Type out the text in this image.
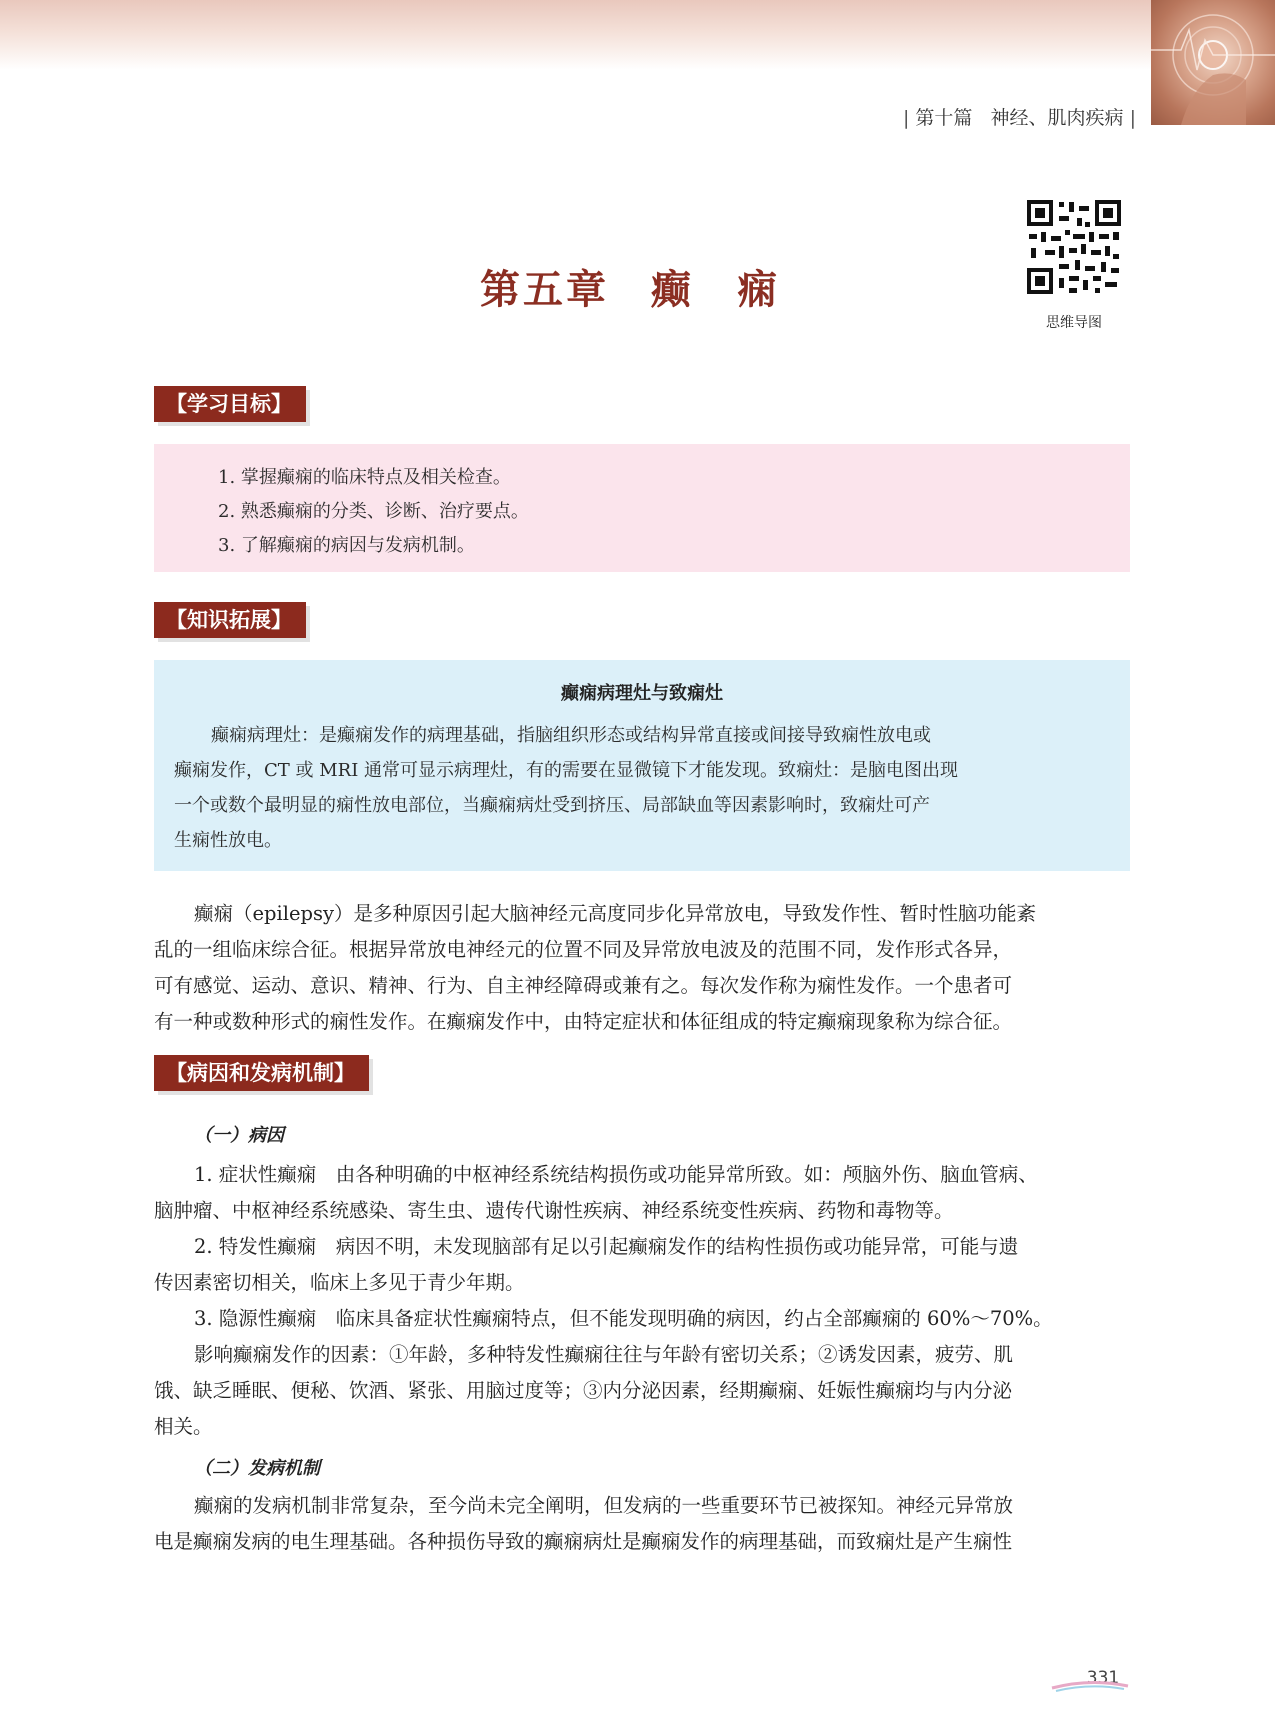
| 第十篇 神经、肌肉疾病 |
思维导图
第五章 癫　痫
【学习目标】
1. 掌握癫痫的临床特点及相关检查。
2. 熟悉癫痫的分类、诊断、治疗要点。
3. 了解癫痫的病因与发病机制。
【知识拓展】
癫痫病理灶与致痫灶
癫痫病理灶：是癫痫发作的病理基础，指脑组织形态或结构异常直接或间接导致痫性放电或
癫痫发作，CT 或 MRI 通常可显示病理灶，有的需要在显微镜下才能发现。致痫灶：是脑电图出现
一个或数个最明显的痫性放电部位，当癫痫病灶受到挤压、局部缺血等因素影响时，致痫灶可产
生痫性放电。
癫痫（epilepsy）是多种原因引起大脑神经元高度同步化异常放电，导致发作性、暂时性脑功能紊
乱的一组临床综合征。根据异常放电神经元的位置不同及异常放电波及的范围不同，发作形式各异，
可有感觉、运动、意识、精神、行为、自主神经障碍或兼有之。每次发作称为痫性发作。一个患者可
有一种或数种形式的痫性发作。在癫痫发作中，由特定症状和体征组成的特定癫痫现象称为综合征。
【病因和发病机制】
（一）病因
1. 症状性癫痫　由各种明确的中枢神经系统结构损伤或功能异常所致。如：颅脑外伤、脑血管病、
脑肿瘤、中枢神经系统感染、寄生虫、遗传代谢性疾病、神经系统变性疾病、药物和毒物等。
2. 特发性癫痫　病因不明，未发现脑部有足以引起癫痫发作的结构性损伤或功能异常，可能与遗
传因素密切相关，临床上多见于青少年期。
3. 隐源性癫痫　临床具备症状性癫痫特点，但不能发现明确的病因，约占全部癫痫的 60%～70%。
影响癫痫发作的因素：①年龄，多种特发性癫痫往往与年龄有密切关系；②诱发因素，疲劳、肌
饿、缺乏睡眠、便秘、饮酒、紧张、用脑过度等；③内分泌因素，经期癫痫、妊娠性癫痫均与内分泌
相关。
（二）发病机制
癫痫的发病机制非常复杂，至今尚未完全阐明，但发病的一些重要环节已被探知。神经元异常放
电是癫痫发病的电生理基础。各种损伤导致的癫痫病灶是癫痫发作的病理基础，而致痫灶是产生痫性
331
